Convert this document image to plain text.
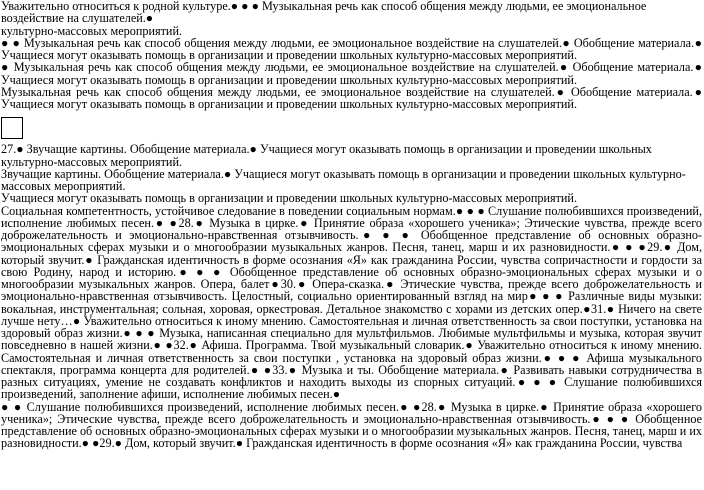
Уважительно относиться к родной культуре.● ● ● Музыкальная речь как способ общения между людьми, ее эмоциональное воздействие на слушателей.●

культурно-массовых мероприятий.

● ● Музыкальная речь как способ общения между людьми, ее эмоциональное воздействие на слушателей.● Обобщение материала.● Учащиеся могут оказывать помощь в организации и проведении школьных культурно-массовых мероприятий.

● Музыкальная речь как способ общения между людьми, ее эмоциональное воздействие на слушателей.● Обобщение материала.● Учащиеся могут оказывать помощь в организации и проведении школьных культурно-массовых мероприятий.

Музыкальная речь как способ общения между людьми, ее эмоциональное воздействие на слушателей.● Обобщение материала.● Учащиеся могут оказывать помощь в организации и проведении школьных культурно-массовых мероприятий.

27.● Звучащие картины. Обобщение материала.● Учащиеся могут оказывать помощь в организации и проведении школьных культурно-массовых мероприятий.

Звучащие картины. Обобщение материала.● Учащиеся могут оказывать помощь в организации и проведении школьных культурно-массовых мероприятий.

Учащиеся могут оказывать помощь в организации и проведении школьных культурно-массовых мероприятий.

Социальная компетентность, устойчивое следование в поведении социальным нормам.● ● ● Слушание полюбившихся произведений, исполнение любимых песен.● ●28.● Музыка в цирке.● Принятие образа «хорошего ученика»; Этические чувства, прежде всего доброжелательность и эмоционально-нравственная отзывчивость.● ● ● Обобщенное представление об основных образно-эмоциональных сферах музыки и о многообразии музыкальных жанров. Песня, танец, марш и их разновидности.● ● ●29.● Дом, который звучит.● Гражданская идентичность в форме осознания «Я» как гражданина России, чувства сопричастности и гордости за свою Родину, народ и историю.● ● ● Обобщенное представление об основных образно-эмоциональных сферах музыки и о многообразии музыкальных жанров. Опера, балет●30.● Опера-сказка.● Этические чувства, прежде всего доброжелательность и эмоционально-нравственная отзывчивость. Целостный, социально ориентированный взгляд на мир● ● ● Различные виды музыки: вокальная, инструментальная; сольная, хоровая, оркестровая. Детальное знакомство с хорами из детских опер.●31.● Ничего на свете лучше нету…● Уважительно относиться к иному мнению. Самостоятельная и личная ответственность за свои поступки, установка на здоровый образ жизни.● ● ● Музыка, написанная специально для мультфильмов. Любимые мультфильмы и музыка, которая звучит повседневно в нашей жизни.● ●32.● Афиша. Программа. Твой музыкальный словарик.● Уважительно относиться к иному мнению. Самостоятельная и личная ответственность за свои поступки , установка на здоровый образ жизни.● ● ● Афиша музыкального спектакля, программа концерта для родителей.● ●33.● Музыка и ты. Обобщение материала.● Развивать навыки сотрудничества в разных ситуациях, умение не создавать конфликтов и находить выходы из спорных ситуаций.● ● ● Слушание полюбившихся произведений, заполнение афиши, исполнение любимых песен.●

● ● Слушание полюбившихся произведений, исполнение любимых песен.● ●28.● Музыка в цирке.● Принятие образа «хорошего ученика»; Этические чувства, прежде всего доброжелательность и эмоционально-нравственная отзывчивость.● ● ● Обобщенное представление об основных образно-эмоциональных сферах музыки и о многообразии музыкальных жанров. Песня, танец, марш и их разновидности.● ●29.● Дом, который звучит.● Гражданская идентичность в форме осознания «Я» как гражданина России, чувства
